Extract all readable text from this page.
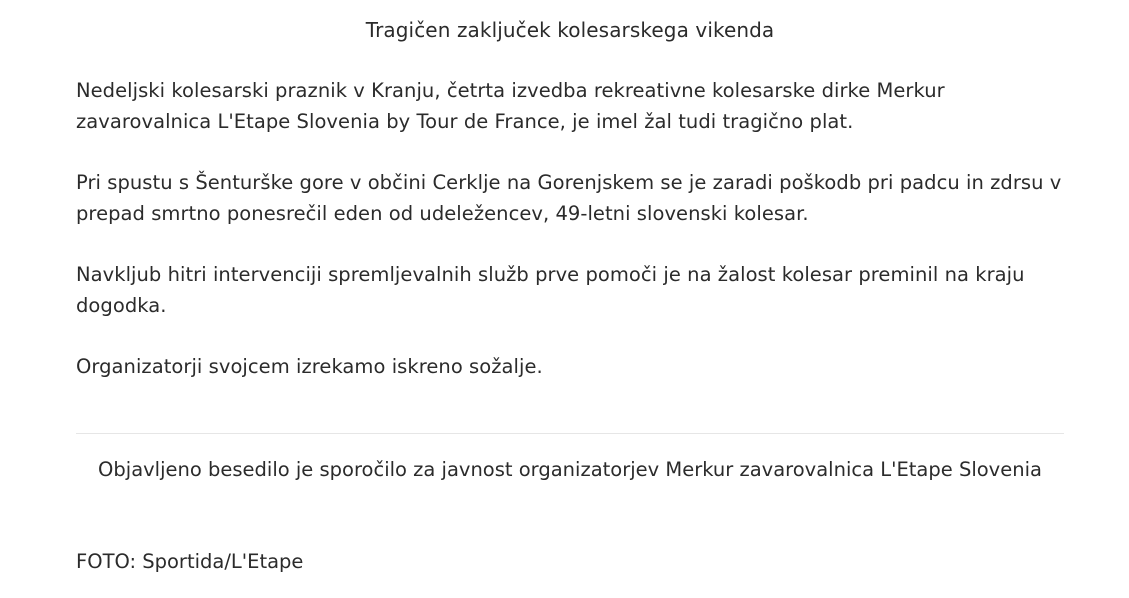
Tragičen zaključek kolesarskega vikenda

Nedeljski kolesarski praznik v Kranju, četrta izvedba rekreativne kolesarske dirke Merkur zavarovalnica L'Etape Slovenia by Tour de France, je imel žal tudi tragično plat.

Pri spustu s Šenturške gore v občini Cerklje na Gorenjskem se je zaradi poškodb pri padcu in zdrsu v prepad smrtno ponesrečil eden od udeležencev, 49-letni slovenski kolesar.

Navkljub hitri intervenciji spremljevalnih služb prve pomoči je na žalost kolesar preminil na kraju dogodka.

Organizatorji svojcem izrekamo iskreno sožalje.

Objavljeno besedilo je sporočilo za javnost organizatorjev Merkur zavarovalnica L'Etape Slovenia

FOTO: Sportida/L'Etape
